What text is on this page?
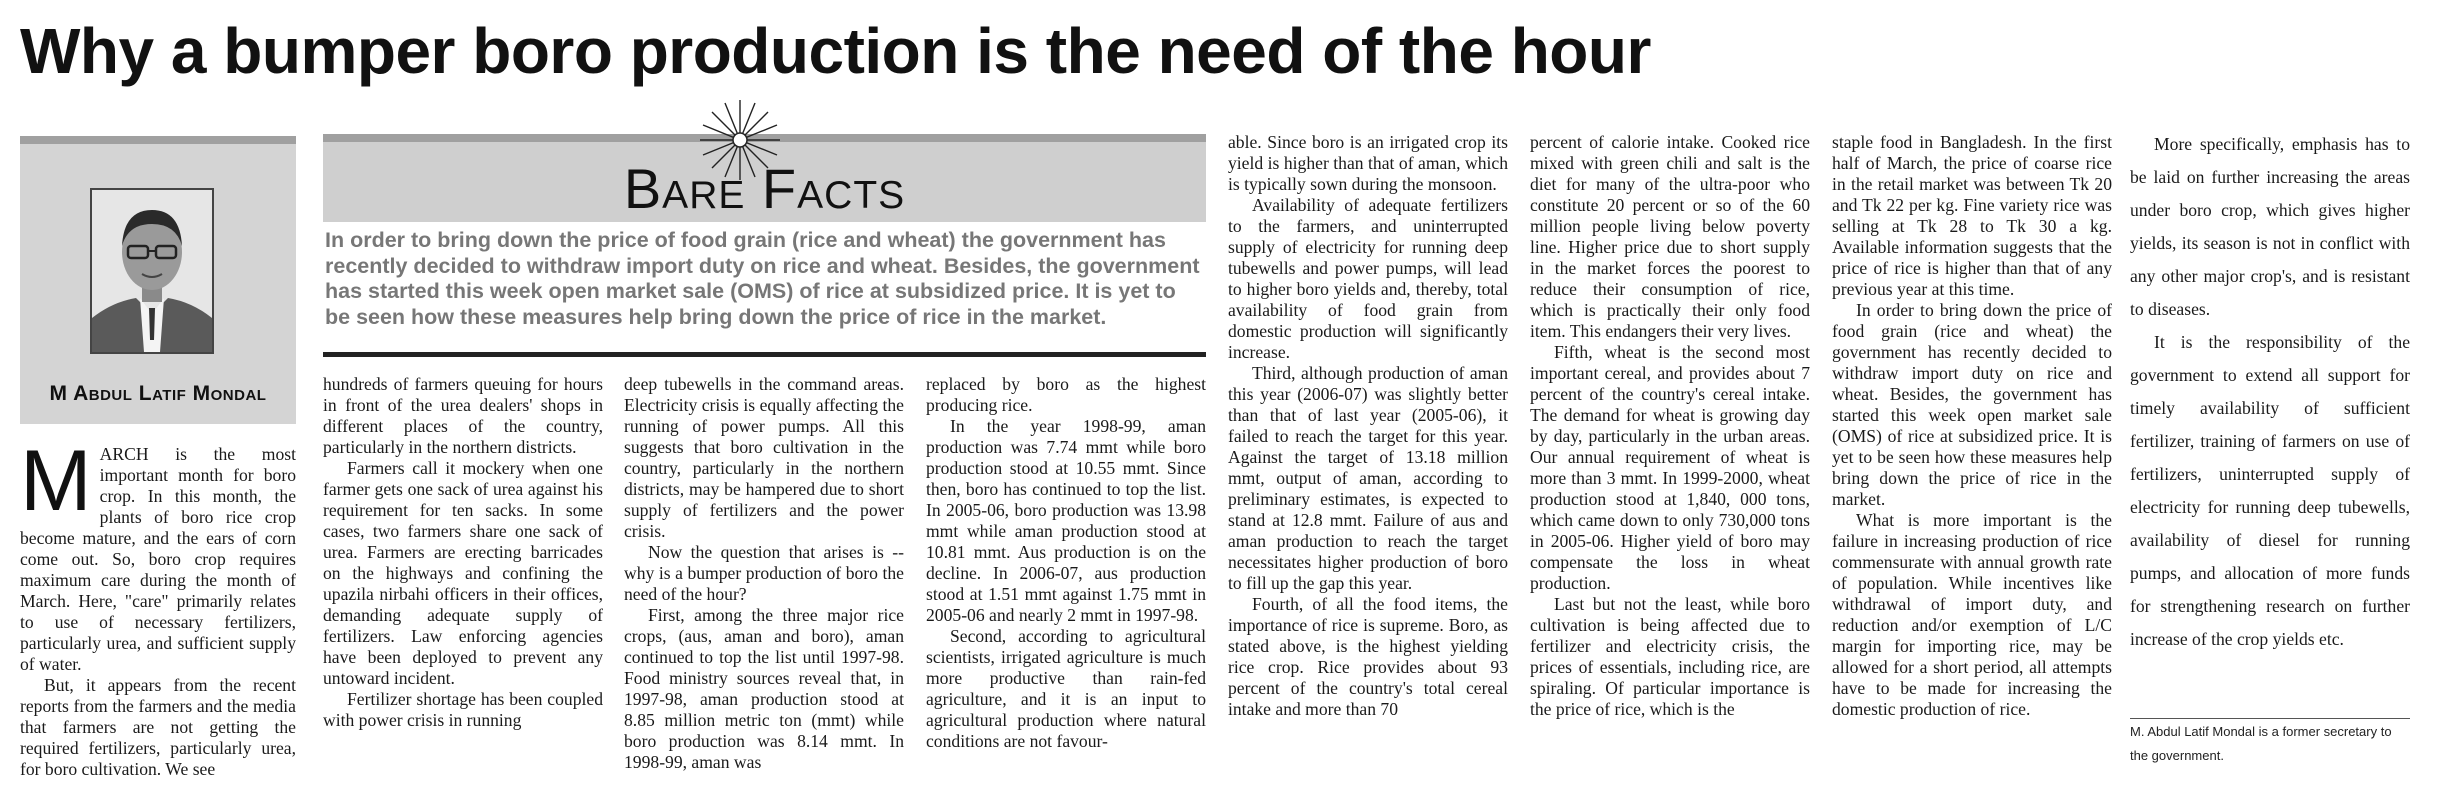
Why a bumper boro production is the need of the hour
M Abdul Latif Mondal
Bare Facts
In order to bring down the price of food grain (rice and wheat) the government has recently decided to withdraw import duty on rice and wheat. Besides, the government has started this week open market sale (OMS) of rice at subsidized price. It is yet to be seen how these measures help bring down the price of rice in the market.
M ARCH is the most important month for boro crop. In this month, the plants of boro rice crop become mature, and the ears of corn come out. So, boro crop requires maximum care during the month of March. Here, "care" primarily relates to use of necessary fertilizers, particularly urea, and sufficient supply of water.

But, it appears from the recent reports from the farmers and the media that farmers are not getting the required fertilizers, particularly urea, for boro cultivation. We see

hundreds of farmers queuing for hours in front of the urea dealers' shops in different places of the country, particularly in the northern districts.

Farmers call it mockery when one farmer gets one sack of urea against his requirement for ten sacks. In some cases, two farmers share one sack of urea. Farmers are erecting barricades on the highways and confining the upazila nirbahi officers in their offices, demanding adequate supply of fertilizers. Law enforcing agencies have been deployed to prevent any untoward incident.

Fertilizer shortage has been coupled with power crisis in running

deep tubewells in the command areas. Electricity crisis is equally affecting the running of power pumps. All this suggests that boro cultivation in the country, particularly in the northern districts, may be hampered due to short supply of fertilizers and the power crisis.

Now the question that arises is -- why is a bumper production of boro the need of the hour?

First, among the three major rice crops, (aus, aman and boro), aman continued to top the list until 1997-98. Food ministry sources reveal that, in 1997-98, aman production stood at 8.85 million metric ton (mmt) while boro production was 8.14 mmt. In 1998-99, aman was

replaced by boro as the highest producing rice.

In the year 1998-99, aman production was 7.74 mmt while boro production stood at 10.55 mmt. Since then, boro has continued to top the list. In 2005-06, boro production was 13.98 mmt while aman production stood at 10.81 mmt. Aus production is on the decline. In 2006-07, aus production stood at 1.51 mmt against 1.75 mmt in 2005-06 and nearly 2 mmt in 1997-98.

Second, according to agricultural scientists, irrigated agriculture is much more productive than rain-fed agriculture, and it is an input to agricultural production where natural conditions are not favour-

able. Since boro is an irrigated crop its yield is higher than that of aman, which is typically sown during the monsoon.

Availability of adequate fertilizers to the farmers, and uninterrupted supply of electricity for running deep tubewells and power pumps, will lead to higher boro yields and, thereby, total availability of food grain from domestic production will significantly increase.

Third, although production of aman this year (2006-07) was slightly better than that of last year (2005-06), it failed to reach the target for this year. Against the target of 13.18 million mmt, output of aman, according to preliminary estimates, is expected to stand at 12.8 mmt. Failure of aus and aman production to reach the target necessitates higher production of boro to fill up the gap this year.

Fourth, of all the food items, the importance of rice is supreme. Boro, as stated above, is the highest yielding rice crop. Rice provides about 93 percent of the country's total cereal intake and more than 70

percent of calorie intake. Cooked rice mixed with green chili and salt is the diet for many of the ultra-poor who constitute 20 percent or so of the 60 million people living below poverty line. Higher price due to short supply in the market forces the poorest to reduce their consumption of rice, which is practically their only food item. This endangers their very lives.

Fifth, wheat is the second most important cereal, and provides about 7 percent of the country's cereal intake. The demand for wheat is growing day by day, particularly in the urban areas. Our annual requirement of wheat is more than 3 mmt. In 1999-2000, wheat production stood at 1,840, 000 tons, which came down to only 730,000 tons in 2005-06. Higher yield of boro may compensate the loss in wheat production.

Last but not the least, while boro cultivation is being affected due to fertilizer and electricity crisis, the prices of essentials, including rice, are spiraling. Of particular importance is the price of rice, which is the

staple food in Bangladesh. In the first half of March, the price of coarse rice in the retail market was between Tk 20 and Tk 22 per kg. Fine variety rice was selling at Tk 28 to Tk 30 a kg. Available information suggests that the price of rice is higher than that of any previous year at this time.

In order to bring down the price of food grain (rice and wheat) the government has recently decided to withdraw import duty on rice and wheat. Besides, the government has started this week open market sale (OMS) of rice at subsidized price. It is yet to be seen how these measures help bring down the price of rice in the market.

What is more important is the failure in increasing production of rice commensurate with annual growth rate of population. While incentives like withdrawal of import duty, and reduction and/or exemption of L/C margin for importing rice, may be allowed for a short period, all attempts have to be made for increasing the domestic production of rice.

More specifically, emphasis has to be laid on further increasing the areas under boro crop, which gives higher yields, its season is not in conflict with any other major crop's, and is resistant to diseases.

It is the responsibility of the government to extend all support for timely availability of sufficient fertilizer, training of farmers on use of fertilizers, uninterrupted supply of electricity for running deep tubewells, availability of diesel for running pumps, and allocation of more funds for strengthening research on further increase of the crop yields etc.

M. Abdul Latif Mondal is a former secretary to the government.
